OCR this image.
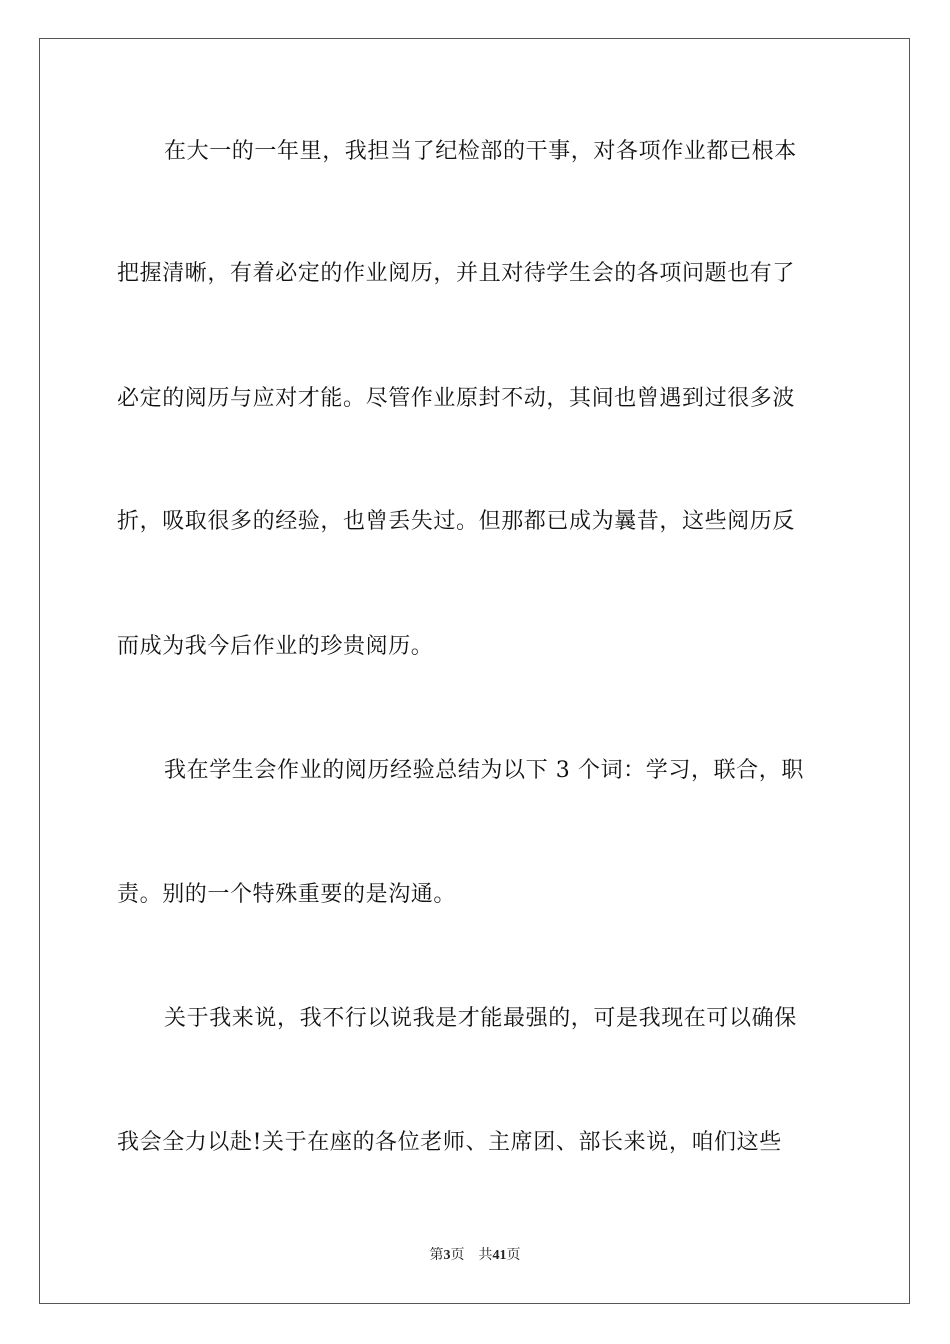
在大一的一年里，我担当了纪检部的干事，对各项作业都已根本
把握清晰，有着必定的作业阅历，并且对待学生会的各项问题也有了
必定的阅历与应对才能。尽管作业原封不动，其间也曾遇到过很多波
折，吸取很多的经验，也曾丢失过。但那都已成为曩昔，这些阅历反
而成为我今后作业的珍贵阅历。
我在学生会作业的阅历经验总结为以下 3 个词：学习，联合，职
责。别的一个特殊重要的是沟通。
关于我来说，我不行以说我是才能最强的，可是我现在可以确保
我会全力以赴!关于在座的各位老师、主席团、部长来说，咱们这些
第3页 共41页
